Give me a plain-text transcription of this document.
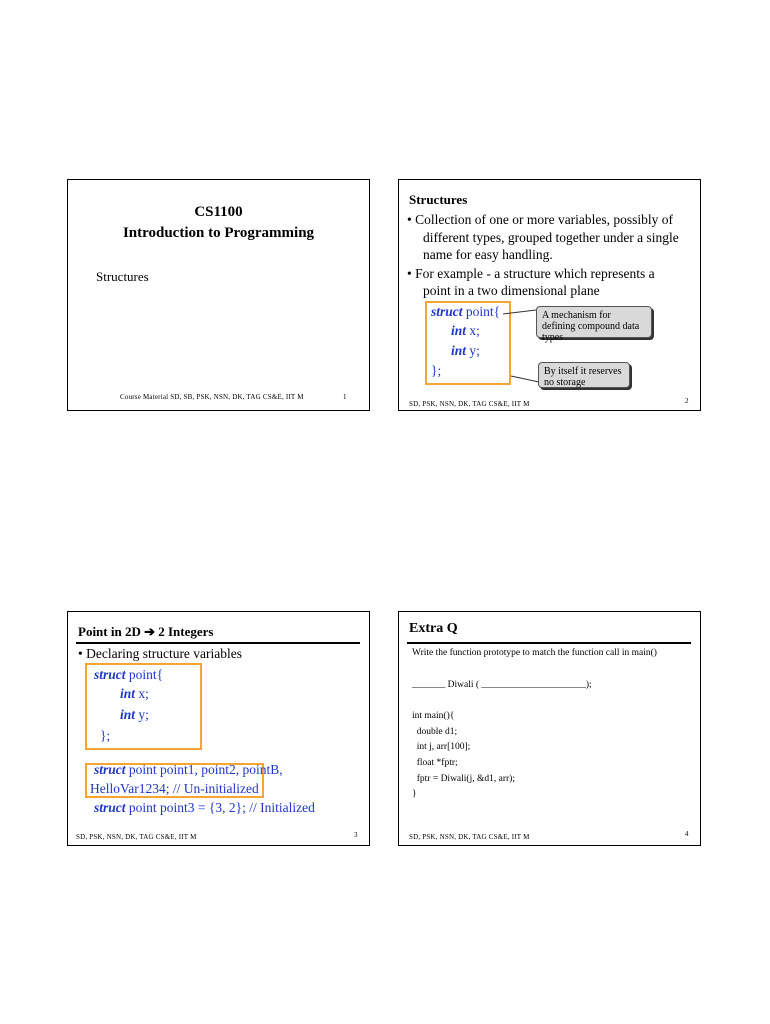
CS1100
Introduction to Programming
Structures
Course Material SD, SB, PSK, NSN, DK, TAG CS&E, IIT M	1
Structures
• Collection of one or more variables, possibly of
different types, grouped together under a single
name for easy handling.
• For example - a structure which represents a
point in a two dimensional plane
struct point{
int x;
int y;
};
A mechanism for defining compound data types
By itself it reserves no storage
SD, PSK, NSN, DK, TAG CS&E, IIT M	2
Point in 2D ➔ 2 Integers
• Declaring structure variables
struct point{
int x;
int y;
};
struct point point1, point2, pointB,
HelloVar1234; // Un-initialized
struct point point3 = {3, 2}; // Initialized
SD, PSK, NSN, DK, TAG CS&E, IIT M	3
Extra Q
Write the function prototype to match the function call in main()
_______ Diwali ( ______________________);
int main(){
double d1;
int j, arr[100];
float *fptr;
fptr = Diwali(j, &d1, arr);
}
SD, PSK, NSN, DK, TAG CS&E, IIT M	4
